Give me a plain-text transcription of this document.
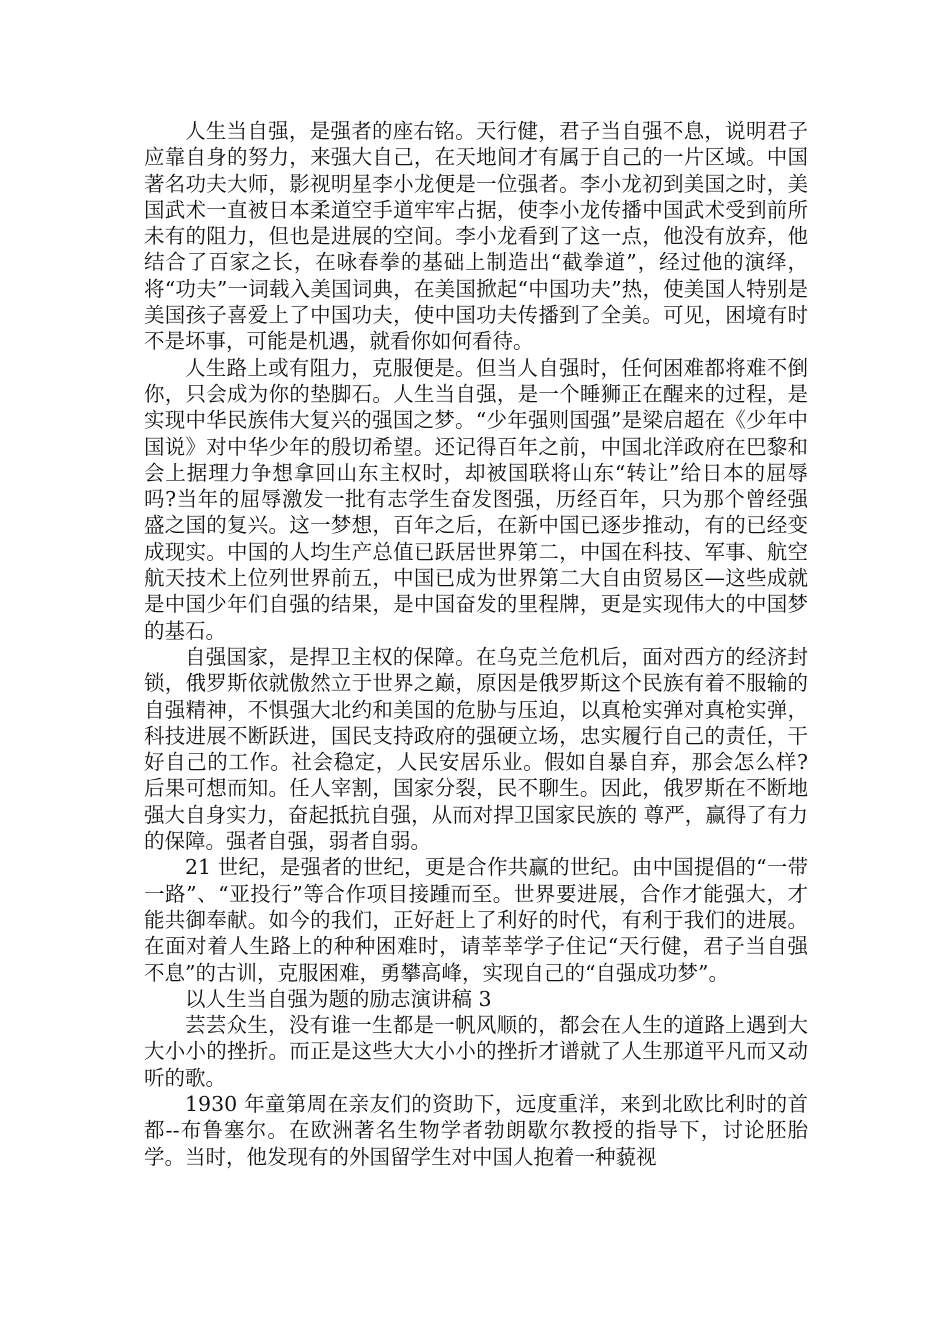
人生当自强，是强者的座右铭。天行健，君子当自强不息，说明君子应靠自身的努力，来强大自己，在天地间才有属于自己的一片区域。中国著名功夫大师，影视明星李小龙便是一位强者。李小龙初到美国之时，美国武术一直被日本柔道空手道牢牢占据，使李小龙传播中国武术受到前所未有的阻力，但也是进展的空间。李小龙看到了这一点，他没有放弃，他结合了百家之长，在咏春拳的基础上制造出“截拳道”，经过他的演绎，将“功夫”一词载入美国词典，在美国掀起“中国功夫”热，使美国人特别是美国孩子喜爱上了中国功夫，使中国功夫传播到了全美。可见，困境有时不是坏事，可能是机遇，就看你如何看待。

人生路上或有阻力，克服便是。但当人自强时，任何困难都将难不倒你，只会成为你的垫脚石。人生当自强，是一个睡狮正在醒来的过程，是实现中华民族伟大复兴的强国之梦。“少年强则国强”是梁启超在《少年中国说》对中华少年的殷切希望。还记得百年之前，中国北洋政府在巴黎和会上据理力争想拿回山东主权时，却被国联将山东“转让”给日本的屈辱吗?当年的屈辱激发一批有志学生奋发图强，历经百年，只为那个曾经强盛之国的复兴。这一梦想，百年之后，在新中国已逐步推动，有的已经变成现实。中国的人均生产总值已跃居世界第二，中国在科技、军事、航空航天技术上位列世界前五，中国已成为世界第二大自由贸易区—这些成就是中国少年们自强的结果，是中国奋发的里程牌，更是实现伟大的中国梦的基石。

自强国家，是捍卫主权的保障。在乌克兰危机后，面对西方的经济封锁，俄罗斯依就傲然立于世界之巅，原因是俄罗斯这个民族有着不服输的自强精神，不惧强大北约和美国的危胁与压迫，以真枪实弹对真枪实弹，科技进展不断跃进，国民支持政府的强硬立场，忠实履行自己的责任，干好自己的工作。社会稳定，人民安居乐业。假如自暴自弃，那会怎么样?后果可想而知。任人宰割，国家分裂，民不聊生。因此，俄罗斯在不断地强大自身实力，奋起抵抗自强，从而对捍卫国家民族的 尊严，赢得了有力的保障。强者自强，弱者自弱。

21 世纪，是强者的世纪，更是合作共赢的世纪。由中国提倡的“一带一路”、“亚投行”等合作项目接踵而至。世界要进展，合作才能强大，才能共御奉献。如今的我们，正好赶上了利好的时代，有利于我们的进展。在面对着人生路上的种种困难时，请莘莘学子住记“天行健，君子当自强不息”的古训，克服困难，勇攀高峰，实现自己的“自强成功梦”。

以人生当自强为题的励志演讲稿 3

芸芸众生，没有谁一生都是一帆风顺的，都会在人生的道路上遇到大大小小的挫折。而正是这些大大小小的挫折才谱就了人生那道平凡而又动听的歌。

1930 年童第周在亲友们的资助下，远度重洋，来到北欧比利时的首都--布鲁塞尔。在欧洲著名生物学者勃朗歇尔教授的指导下，讨论胚胎学。当时，他发现有的外国留学生对中国人抱着一种藐视
